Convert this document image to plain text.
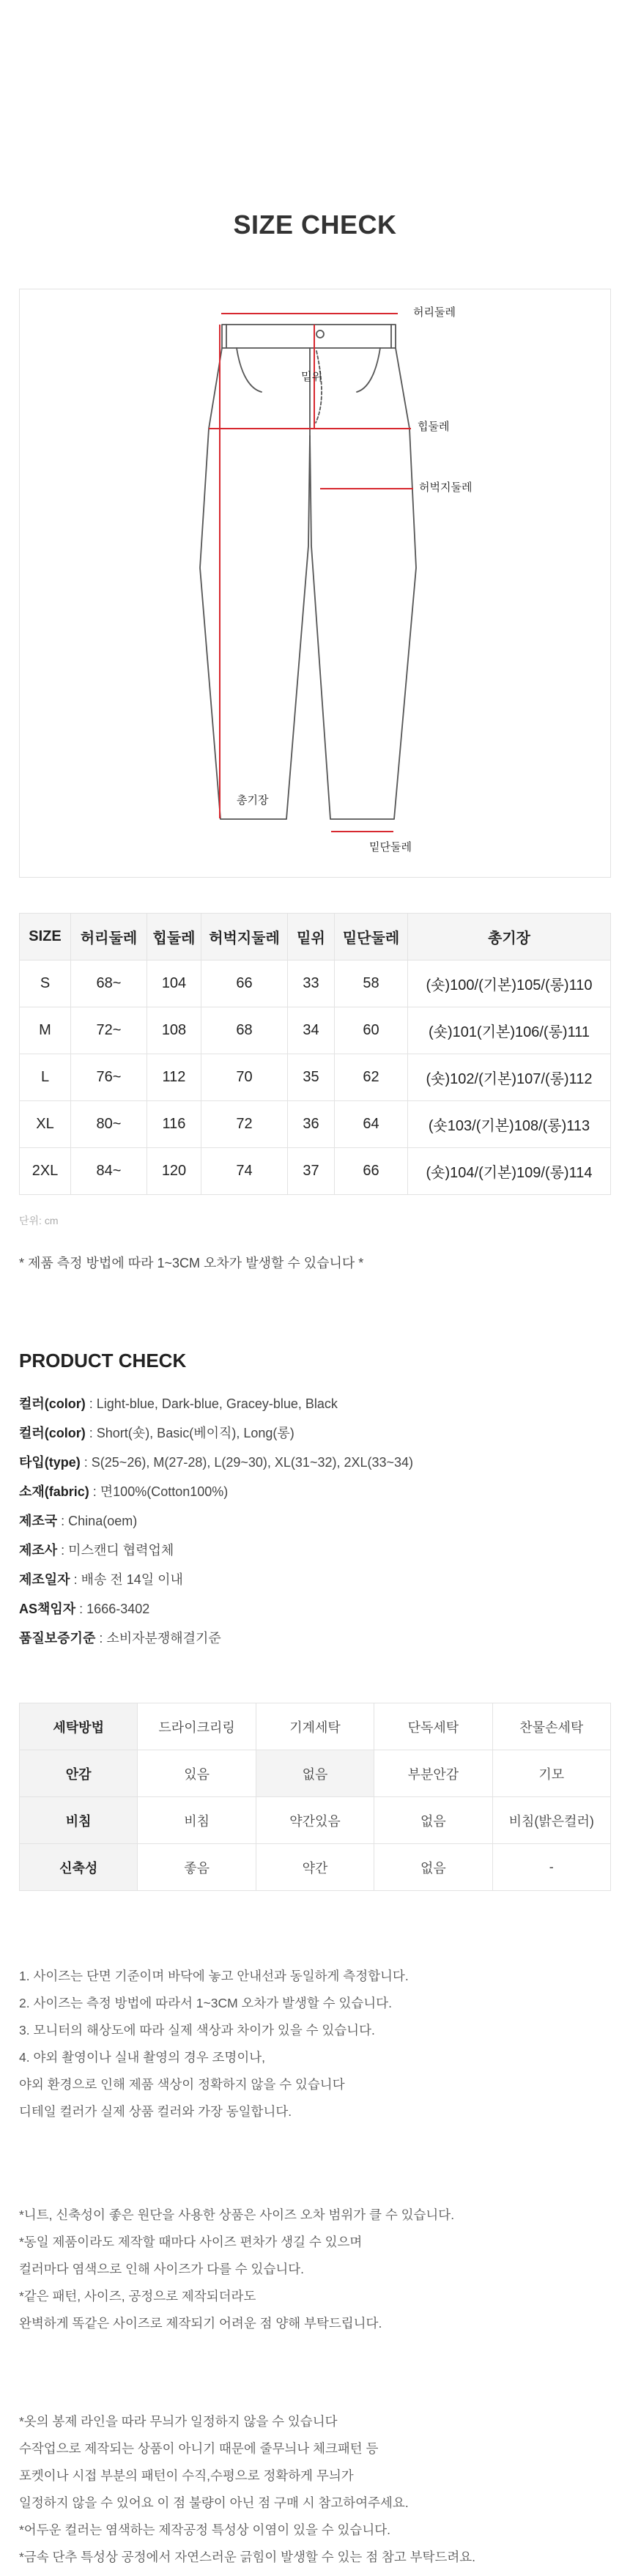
SIZE CHECK
허리둘레
밑위
힙둘레
허벅지둘레
총기장
밑단둘레
SIZE	허리둘레	힙둘레	허벅지둘레	밑위	밑단둘레	총기장
S	68~	104	66	33	58	(숏)100/(기본)105/(롱)110
M	72~	108	68	34	60	(숏)101(기본)106/(롱)111
L	76~	112	70	35	62	(숏)102/(기본)107/(롱)112
XL	80~	116	72	36	64	(숏103/(기본)108/(롱)113
2XL	84~	120	74	37	66	(숏)104/(기본)109/(롱)114
단위: cm
* 제품 측정 방법에 따라 1~3CM 오차가 발생할 수 있습니다 *
PRODUCT CHECK
컬러(color) : Light-blue, Dark-blue, Gracey-blue, Black
컬러(color) : Short(숏), Basic(베이직), Long(롱)
타입(type) : S(25~26), M(27-28), L(29~30), XL(31~32), 2XL(33~34)
소재(fabric) : 면100%(Cotton100%)
제조국 : China(oem)
제조사 : 미스캔디 협력업체
제조일자 : 배송 전 14일 이내
AS책임자 : 1666-3402
품질보증기준 : 소비자분쟁해결기준
세탁방법	드라이크리링	기계세탁	단독세탁	찬물손세탁
안감	있음	없음	부분안감	기모
비침	비침	약간있음	없음	비침(밝은컬러)
신축성	좋음	약간	없음	-
1. 사이즈는 단면 기준이며 바닥에 놓고 안내선과 동일하게 측정합니다.
2. 사이즈는 측정 방법에 따라서 1~3CM 오차가 발생할 수 있습니다.
3. 모니터의 해상도에 따라 실제 색상과 차이가 있을 수 있습니다.
4. 야외 촬영이나 실내 촬영의 경우 조명이나,
야외 환경으로 인해 제품 색상이 정확하지 않을 수 있습니다
디테일 컬러가 실제 상품 컬러와 가장 동일합니다.
*니트, 신축성이 좋은 원단을 사용한 상품은 사이즈 오차 범위가 클 수 있습니다.
*동일 제품이라도 제작할 때마다 사이즈 편차가 생길 수 있으며
컬러마다 염색으로 인해 사이즈가 다를 수 있습니다.
*같은 패턴, 사이즈, 공정으로 제작되더라도
완벽하게 똑같은 사이즈로 제작되기 어려운 점 양해 부탁드립니다.
*옷의 봉제 라인을 따라 무늬가 일정하지 않을 수 있습니다
수작업으로 제작되는 상품이 아니기 때문에 줄무늬나 체크패턴 등
포켓이나 시접 부분의 패턴이 수직,수평으로 정확하게 무늬가
일정하지 않을 수 있어요 이 점 불량이 아닌 점 구매 시 참고하여주세요.
*어두운 컬러는 염색하는 제작공정 특성상 이염이 있을 수 있습니다.
*금속 단추 특성상 공정에서 자연스러운 긁힘이 발생할 수 있는 점 참고 부탁드려요.
